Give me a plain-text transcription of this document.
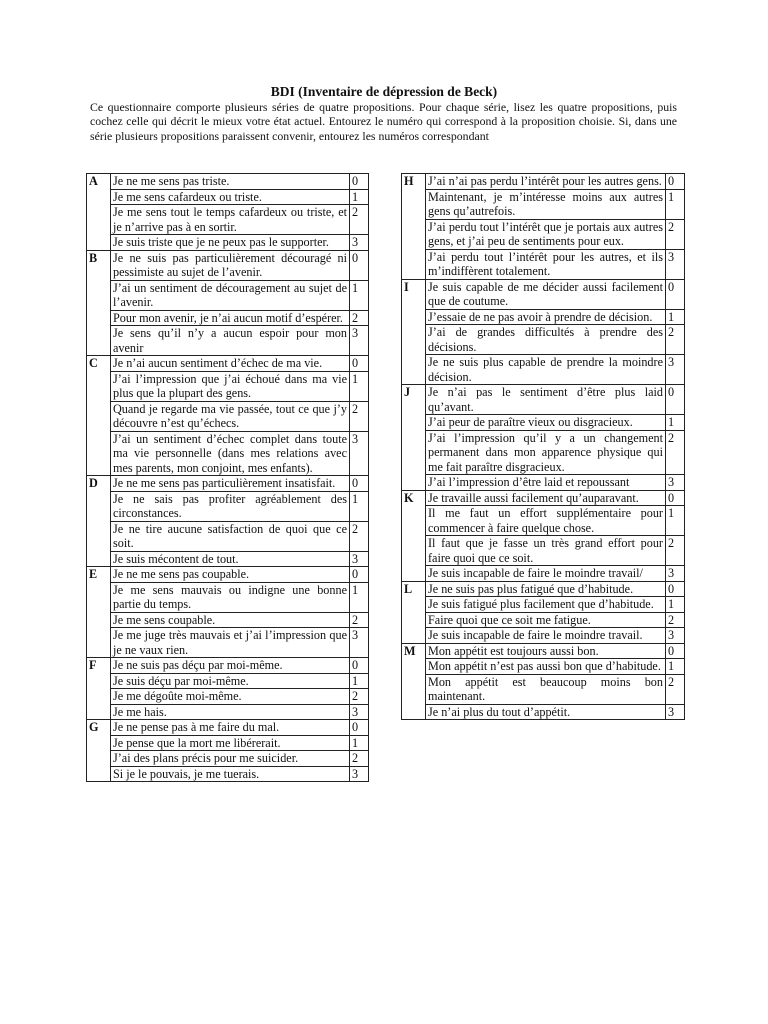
BDI (Inventaire de dépression de Beck)
Ce questionnaire comporte plusieurs séries de quatre propositions. Pour chaque série, lisez les quatre propositions, puis cochez celle qui décrit le mieux votre état actuel. Entourez le numéro qui correspond à la proposition choisie. Si, dans une série plusieurs propositions paraissent convenir, entourez les numéros correspondant
A	Je ne me sens pas triste.	0
	Je me sens cafardeux ou triste.	1
	Je me sens tout le temps cafardeux ou triste, et je n’arrive pas à en sortir.	2
	Je suis triste que je ne peux pas le supporter.	3
B	Je ne suis pas particulièrement découragé ni pessimiste au sujet de l’avenir.	0
	J’ai un sentiment de découragement au sujet de l’avenir.	1
	Pour mon avenir, je n’ai aucun motif d’espérer.	2
	Je sens qu’il n’y a aucun espoir pour mon avenir	3
C	Je n’ai aucun sentiment d’échec de ma vie.	0
	J’ai l’impression que j’ai échoué dans ma vie plus que la plupart des gens.	1
	Quand je regarde ma vie passée, tout ce que j’y découvre n’est qu’échecs.	2
	J’ai un sentiment d’échec complet dans toute ma vie personnelle (dans mes relations avec mes parents, mon conjoint, mes enfants).	3
D	Je ne me sens pas particulièrement insatisfait.	0
	Je ne sais pas profiter agréablement des circonstances.	1
	Je ne tire aucune satisfaction de quoi que ce soit.	2
	Je suis mécontent de tout.	3
E	Je ne me sens pas coupable.	0
	Je me sens mauvais ou indigne une bonne partie du temps.	1
	Je me sens coupable.	2
	Je me juge très mauvais et j’ai l’impression que je ne vaux rien.	3
F	Je ne suis pas déçu par moi-même.	0
	Je suis déçu par moi-même.	1
	Je me dégoûte moi-même.	2
	Je me hais.	3
G	Je ne pense pas à me faire du mal.	0
	Je pense que la mort me libérerait.	1
	J’ai des plans précis pour me suicider.	2
	Si je le pouvais, je me tuerais.	3
H	J’ai n’ai pas perdu l’intérêt pour les autres gens.	0
	Maintenant, je m’intéresse moins aux autres gens qu’autrefois.	1
	J’ai perdu tout l’intérêt que je portais aux autres gens, et j’ai peu de sentiments pour eux.	2
	J’ai perdu tout l’intérêt pour les autres, et ils m’indiffèrent totalement.	3
I	Je suis capable de me décider aussi facilement que de coutume.	0
	J’essaie de ne pas avoir à prendre de décision.	1
	J’ai de grandes difficultés à prendre des décisions.	2
	Je ne suis plus capable de prendre la moindre décision.	3
J	Je n’ai pas le sentiment d’être plus laid qu’avant.	0
	J’ai peur de paraître vieux ou disgracieux.	1
	J’ai l’impression qu’il y a un changement permanent dans mon apparence physique qui me fait paraître disgracieux.	2
	J’ai l’impression d’être laid et repoussant	3
K	Je travaille aussi facilement qu’auparavant.	0
	Il me faut un effort supplémentaire pour commencer à faire quelque chose.	1
	Il faut que je fasse un très grand effort pour faire quoi que ce soit.	2
	Je suis incapable de faire le moindre travail/	3
L	Je ne suis pas plus fatigué que d’habitude.	0
	Je suis fatigué plus facilement que d’habitude.	1
	Faire quoi que ce soit me fatigue.	2
	Je suis incapable de faire le moindre travail.	3
M	Mon appétit est toujours aussi bon.	0
	Mon appétit n’est pas aussi bon que d’habitude.	1
	Mon appétit est beaucoup moins bon maintenant.	2
	Je n’ai plus du tout d’appétit.	3
